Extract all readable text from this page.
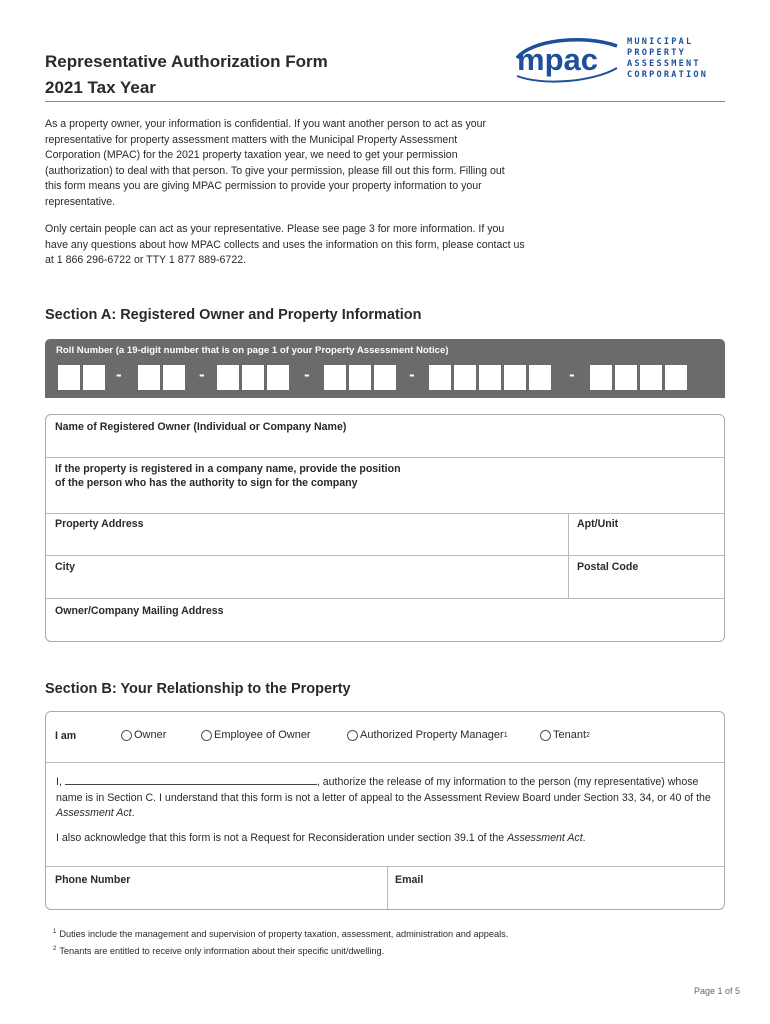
Representative Authorization Form
2021 Tax Year
mpac	MUNICIPAL
PROPERTY
ASSESSMENT
CORPORATION
As a property owner, your information is confidential. If you want another person to act as your representative for property assessment matters with the Municipal Property Assessment Corporation (MPAC) for the 2021 property taxation year, we need to get your permission (authorization) to deal with that person. To give your permission, please fill out this form. Filling out this form means you are giving MPAC permission to provide your property information to your representative.
Only certain people can act as your representative. Please see page 3 for more information. If you have any questions about how MPAC collects and uses the information on this form, please contact us at 1 866 296-6722 or TTY 1 877 889-6722.
Section A: Registered Owner and Property Information
Roll Number (a 19-digit number that is on page 1 of your Property Assessment Notice)
-	-	-	-	-
Name of Registered Owner (Individual or Company Name)
If the property is registered in a company name, provide the position
of the person who has the authority to sign for the company
Property Address	Apt/Unit
City	Postal Code
Owner/Company Mailing Address
Section B: Your Relationship to the Property
I am	Owner	Employee of Owner	Authorized Property Manager 1	Tenant 2
I,	, authorize the release of my information to the person (my representative) whose name is in Section C. I understand that this form is not a letter of appeal to the Assessment Review Board under Section 33, 34, or 40 of the Assessment Act.
I also acknowledge that this form is not a Request for Reconsideration under section 39.1 of the Assessment Act.
Phone Number	Email
$^1$ Duties include the management and supervision of property taxation, assessment, administration and appeals.
$^2$ Tenants are entitled to receive only information about their specific unit/dwelling.
Page 1 of 5
